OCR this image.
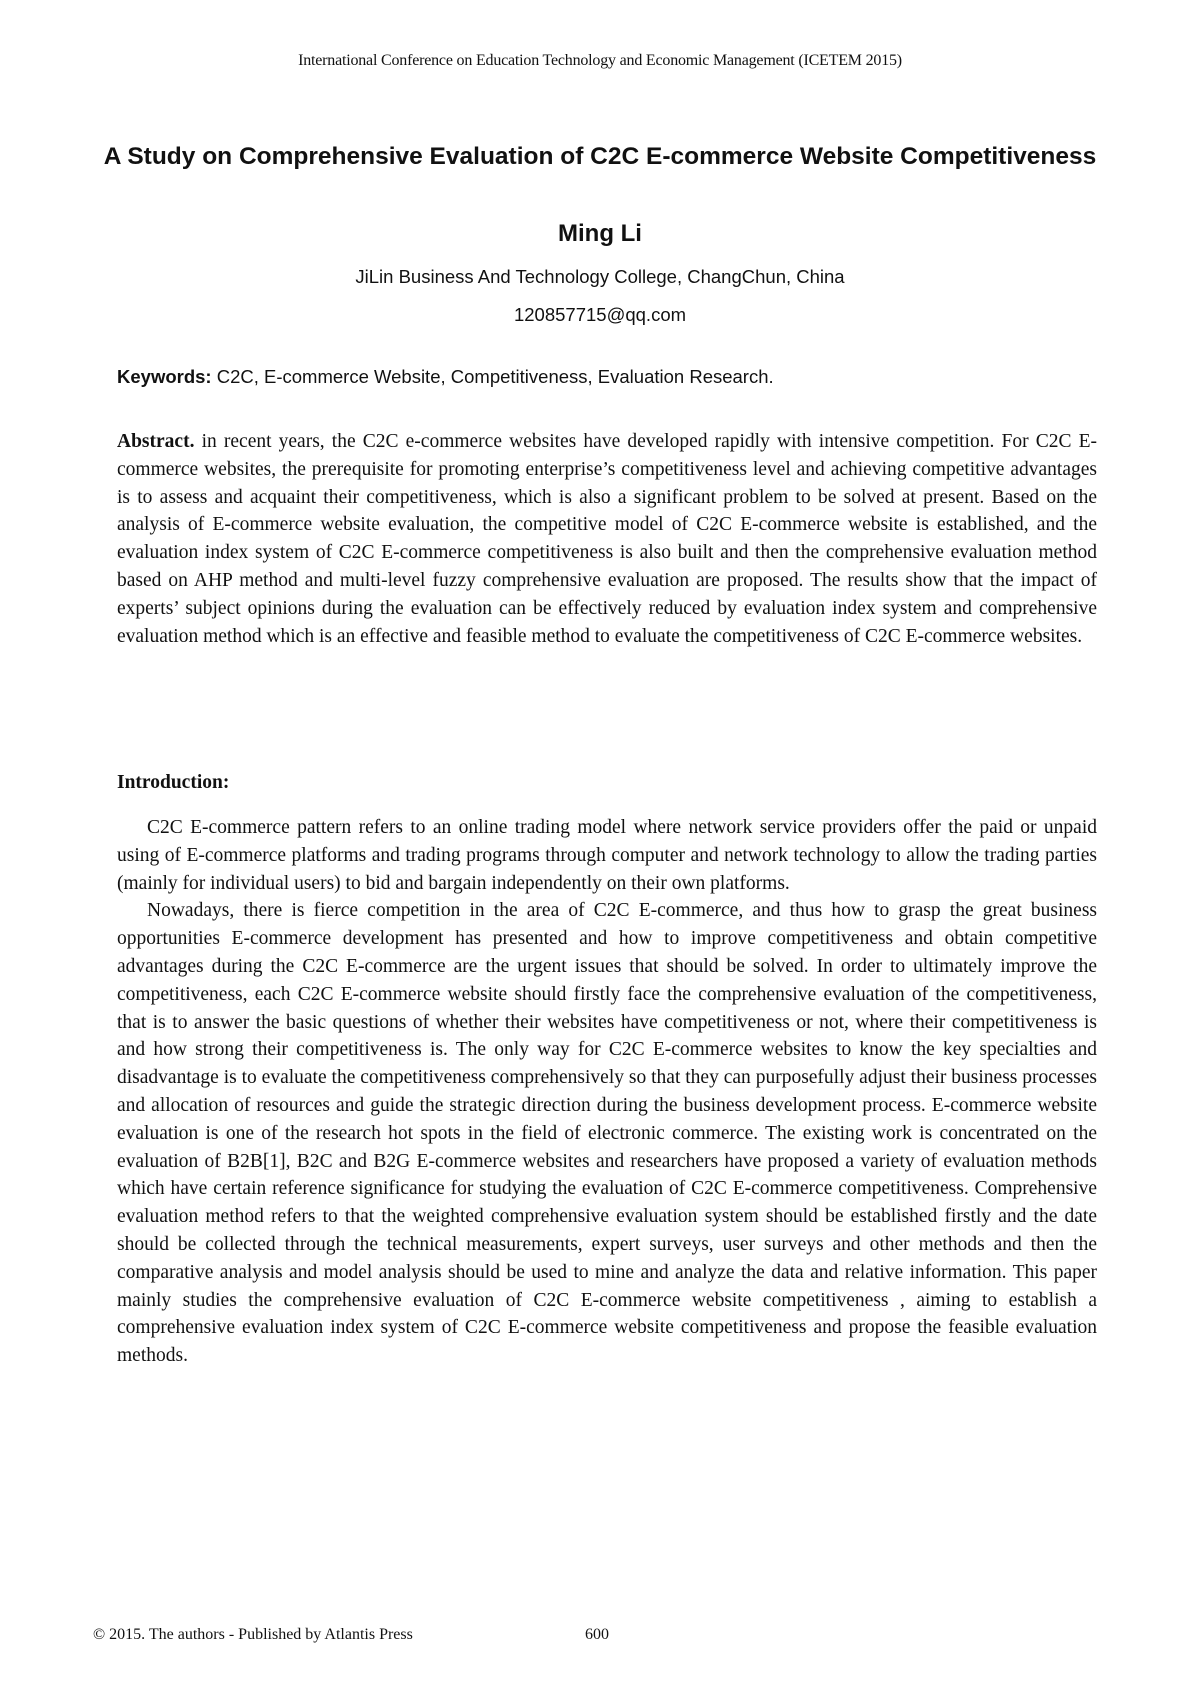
International Conference on Education Technology and Economic Management (ICETEM 2015)
A Study on Comprehensive Evaluation of C2C E-commerce Website Competitiveness
Ming Li
JiLin Business And Technology College, ChangChun, China
120857715@qq.com
Keywords: C2C, E-commerce Website, Competitiveness, Evaluation Research.

Abstract. in recent years, the C2C e-commerce websites have developed rapidly with intensive competition. For C2C E-commerce websites, the prerequisite for promoting enterprise’s competitiveness level and achieving competitive advantages is to assess and acquaint their competitiveness, which is also a significant problem to be solved at present. Based on the analysis of E-commerce website evaluation, the competitive model of C2C E-commerce website is established, and the evaluation index system of C2C E-commerce competitiveness is also built and then the comprehensive evaluation method based on AHP method and multi-level fuzzy comprehensive evaluation are proposed. The results show that the impact of experts’ subject opinions during the evaluation can be effectively reduced by evaluation index system and comprehensive evaluation method which is an effective and feasible method to evaluate the competitiveness of C2C E-commerce websites.

Introduction:

C2C E-commerce pattern refers to an online trading model where network service providers offer the paid or unpaid using of E-commerce platforms and trading programs through computer and network technology to allow the trading parties (mainly for individual users) to bid and bargain independently on their own platforms.

Nowadays, there is fierce competition in the area of C2C E-commerce, and thus how to grasp the great business opportunities E-commerce development has presented and how to improve competitiveness and obtain competitive advantages during the C2C E-commerce are the urgent issues that should be solved. In order to ultimately improve the competitiveness, each C2C E-commerce website should firstly face the comprehensive evaluation of the competitiveness, that is to answer the basic questions of whether their websites have competitiveness or not, where their competitiveness is and how strong their competitiveness is. The only way for C2C E-commerce websites to know the key specialties and disadvantage is to evaluate the competitiveness comprehensively so that they can purposefully adjust their business processes and allocation of resources and guide the strategic direction during the business development process. E-commerce website evaluation is one of the research hot spots in the field of electronic commerce. The existing work is concentrated on the evaluation of B2B[1], B2C and B2G E-commerce websites and researchers have proposed a variety of evaluation methods which have certain reference significance for studying the evaluation of C2C E-commerce competitiveness. Comprehensive evaluation method refers to that the weighted comprehensive evaluation system should be established firstly and the date should be collected through the technical measurements, expert surveys, user surveys and other methods and then the comparative analysis and model analysis should be used to mine and analyze the data and relative information. This paper mainly studies the comprehensive evaluation of C2C E-commerce website competitiveness , aiming to establish a comprehensive evaluation index system of C2C E-commerce website competitiveness and propose the feasible evaluation methods.

© 2015. The authors - Published by Atlantis Press	600
